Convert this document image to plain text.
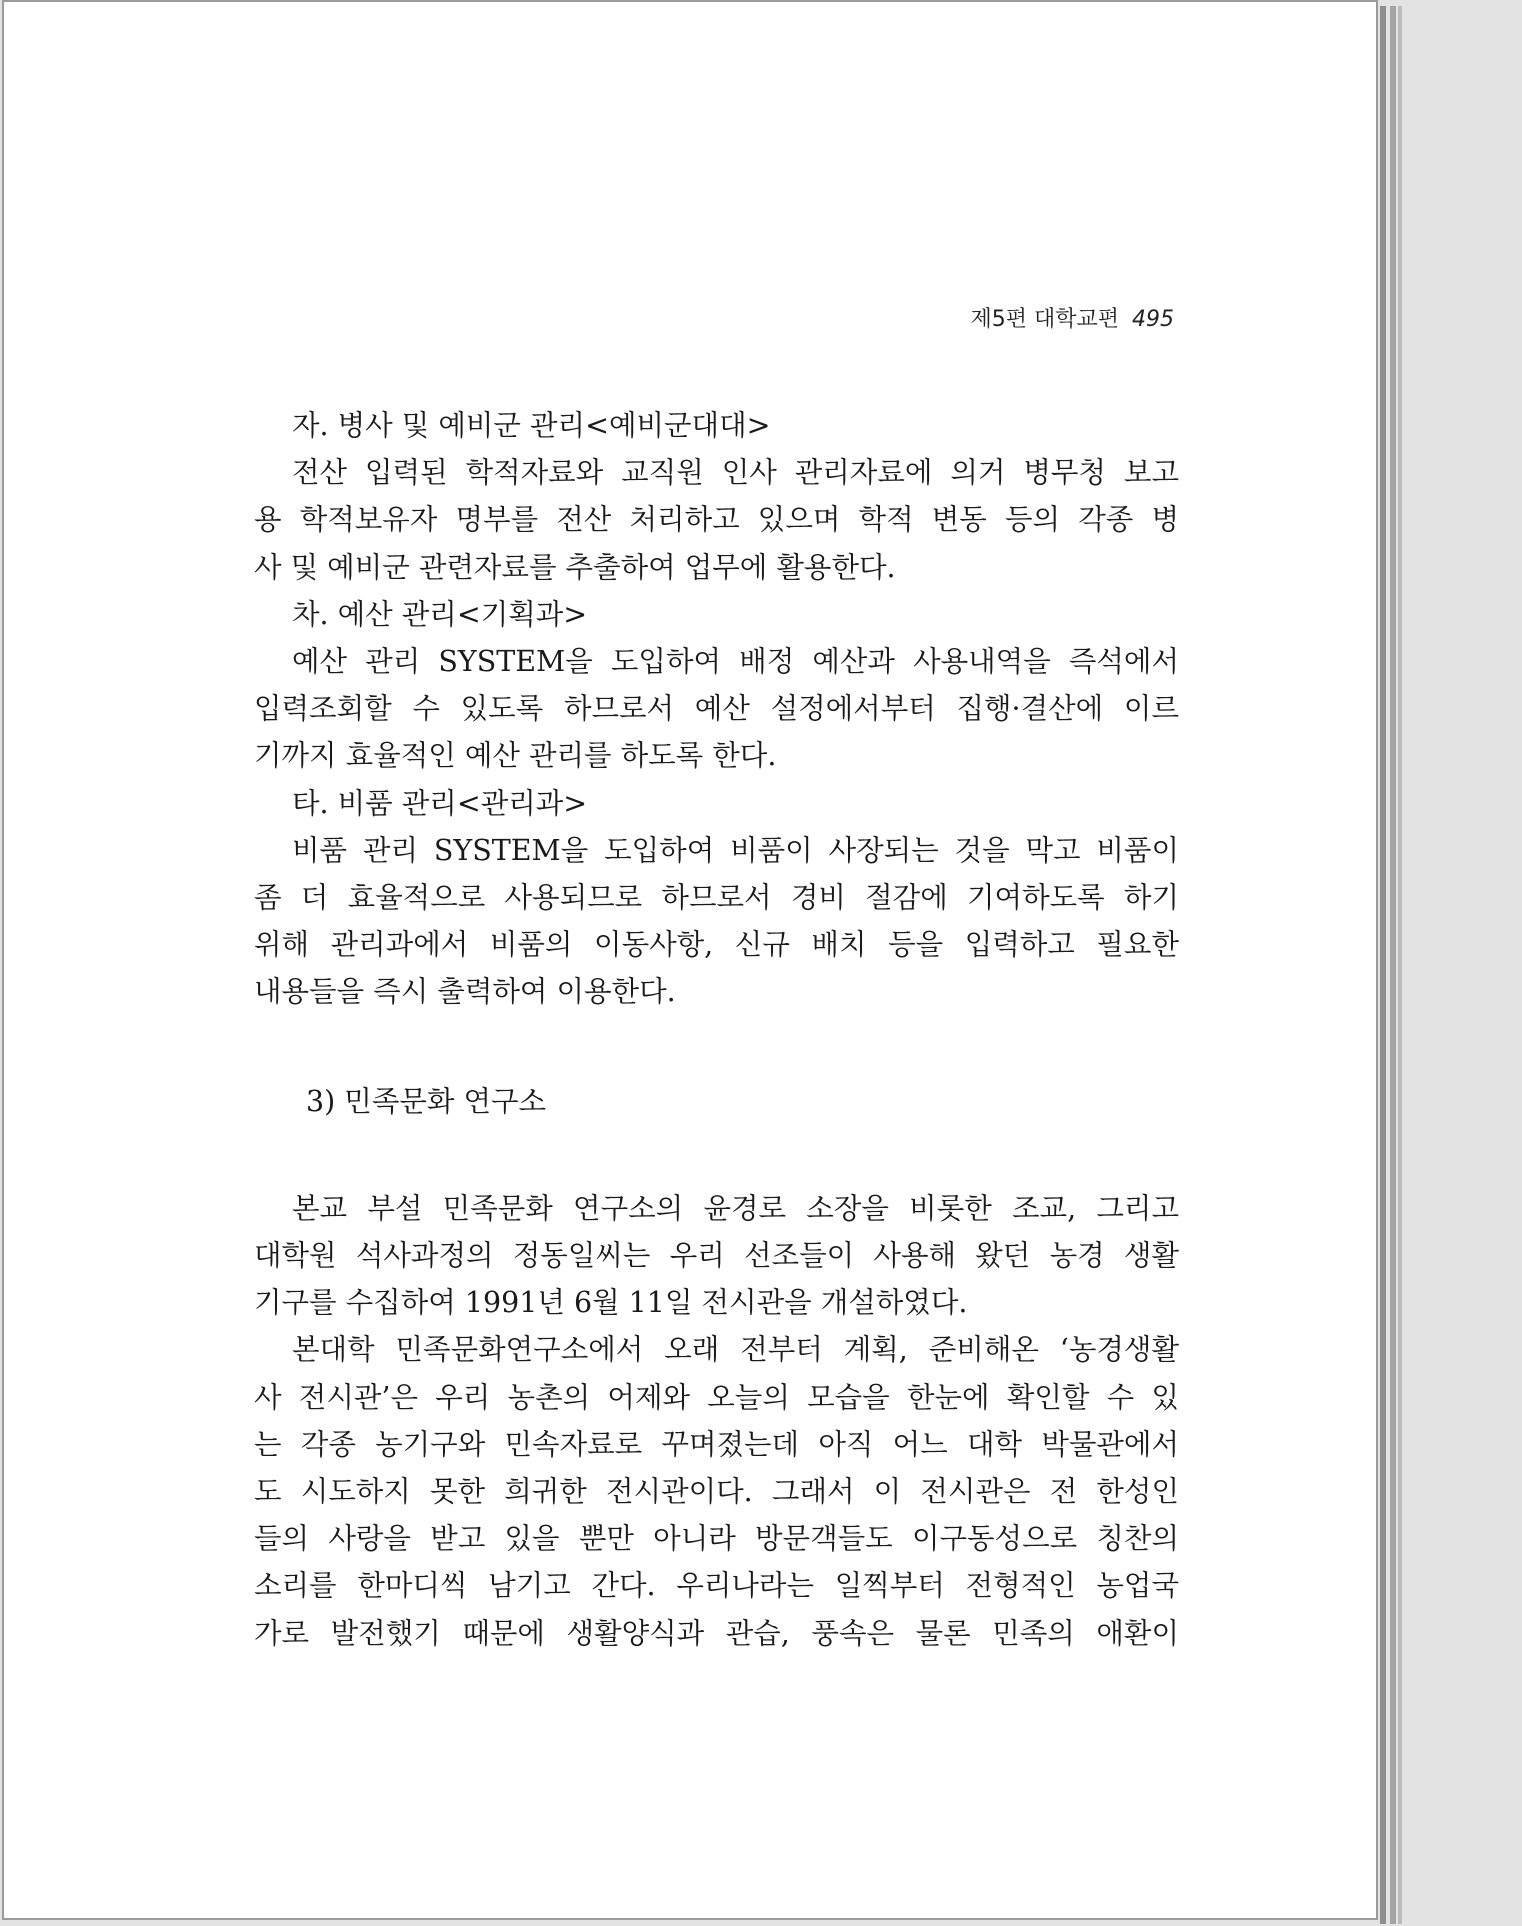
제5편 대학교편 495
자. 병사 및 예비군 관리<예비군대대>

전산 입력된 학적자료와 교직원 인사 관리자료에 의거 병무청 보고
용 학적보유자 명부를 전산 처리하고 있으며 학적 변동 등의 각종 병
사 및 예비군 관련자료를 추출하여 업무에 활용한다.

차. 예산 관리<기획과>

예산 관리 SYSTEM을 도입하여 배정 예산과 사용내역을 즉석에서
입력조회할 수 있도록 하므로서 예산 설정에서부터 집행·결산에 이르
기까지 효율적인 예산 관리를 하도록 한다.

타. 비품 관리<관리과>

비품 관리 SYSTEM을 도입하여 비품이 사장되는 것을 막고 비품이
좀 더 효율적으로 사용되므로 하므로서 경비 절감에 기여하도록 하기
위해 관리과에서 비품의 이동사항, 신규 배치 등을 입력하고 필요한
내용들을 즉시 출력하여 이용한다.

3) 민족문화 연구소

본교 부설 민족문화 연구소의 윤경로 소장을 비롯한 조교, 그리고
대학원 석사과정의 정동일씨는 우리 선조들이 사용해 왔던 농경 생활
기구를 수집하여 1991년 6월 11일 전시관을 개설하였다.

본대학 민족문화연구소에서 오래 전부터 계획, 준비해온 ‘농경생활
사 전시관’은 우리 농촌의 어제와 오늘의 모습을 한눈에 확인할 수 있
는 각종 농기구와 민속자료로 꾸며졌는데 아직 어느 대학 박물관에서
도 시도하지 못한 희귀한 전시관이다. 그래서 이 전시관은 전 한성인
들의 사랑을 받고 있을 뿐만 아니라 방문객들도 이구동성으로 칭찬의
소리를 한마디씩 남기고 간다. 우리나라는 일찍부터 전형적인 농업국
가로 발전했기 때문에 생활양식과 관습, 풍속은 물론 민족의 애환이
